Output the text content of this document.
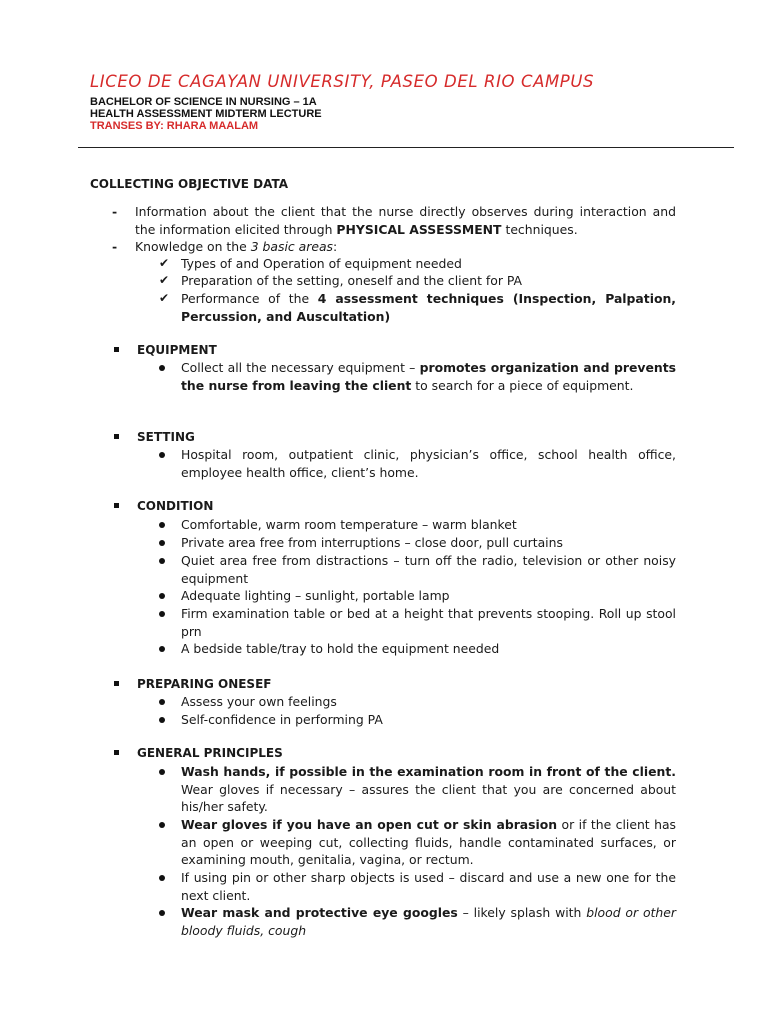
LICEO DE CAGAYAN UNIVERSITY, PASEO DEL RIO CAMPUS
BACHELOR OF SCIENCE IN NURSING – 1A
HEALTH ASSESSMENT MIDTERM LECTURE
TRANSES BY: RHARA MAALAM
COLLECTING OBJECTIVE DATA
- Information about the client that the nurse directly observes during interaction and the information elicited through PHYSICAL ASSESSMENT techniques.
- Knowledge on the 3 basic areas:
✔ Types of and Operation of equipment needed
✔ Preparation of the setting, oneself and the client for PA
✔ Performance of the 4 assessment techniques (Inspection, Palpation, Percussion, and Auscultation)
EQUIPMENT
Collect all the necessary equipment – promotes organization and prevents the nurse from leaving the client to search for a piece of equipment.
SETTING
Hospital room, outpatient clinic, physician’s office, school health office, employee health office, client’s home.
CONDITION
Comfortable, warm room temperature – warm blanket
Private area free from interruptions – close door, pull curtains
Quiet area free from distractions – turn off the radio, television or other noisy equipment
Adequate lighting – sunlight, portable lamp
Firm examination table or bed at a height that prevents stooping. Roll up stool prn
A bedside table/tray to hold the equipment needed
PREPARING ONESEF
Assess your own feelings
Self-confidence in performing PA
GENERAL PRINCIPLES
Wash hands, if possible in the examination room in front of the client. Wear gloves if necessary – assures the client that you are concerned about his/her safety.
Wear gloves if you have an open cut or skin abrasion or if the client has an open or weeping cut, collecting fluids, handle contaminated surfaces, or examining mouth, genitalia, vagina, or rectum.
If using pin or other sharp objects is used – discard and use a new one for the next client.
Wear mask and protective eye googles – likely splash with blood or other bloody fluids, cough
